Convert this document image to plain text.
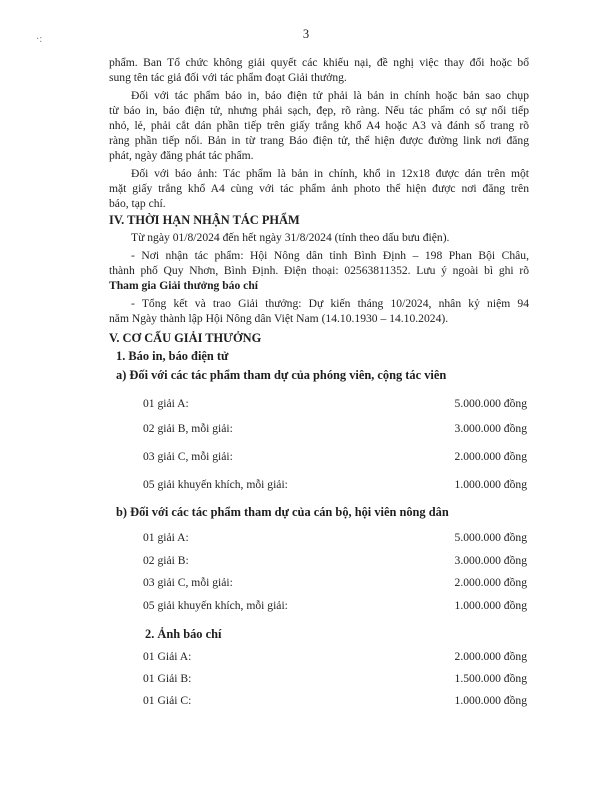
·:	3
phẩm. Ban Tổ chức không giải quyết các khiếu nại, đề nghị việc thay đổi hoặc bổ
sung tên tác giả đối với tác phẩm đoạt Giải thưởng.
Đối với tác phẩm báo in, báo điện tử phải là bản in chính hoặc bản sao chụp
từ báo in, báo điện tử, nhưng phải sạch, đẹp, rõ ràng. Nếu tác phẩm có sự nối tiếp
nhỏ, lẻ, phải cắt dán phần tiếp trên giấy trắng khổ A4 hoặc A3 và đánh số trang rõ
ràng phần tiếp nối. Bản in từ trang Báo điện tử, thể hiện được đường link nơi đăng
phát, ngày đăng phát tác phẩm.
Đối với báo ảnh: Tác phẩm là bản in chính, khổ in 12x18 được dán trên một
mặt giấy trắng khổ A4 cùng với tác phẩm ảnh photo thể hiện được nơi đăng trên
báo, tạp chí.
IV. THỜI HẠN NHẬN TÁC PHẨM
Từ ngày 01/8/2024 đến hết ngày 31/8/2024 (tính theo dấu bưu điện).
- Nơi nhận tác phẩm: Hội Nông dân tỉnh Bình Định – 198 Phan Bội Châu,
thành phố Quy Nhơn, Bình Định. Điện thoại: 02563811352. Lưu ý ngoài bì ghi rõ
Tham gia Giải thưởng báo chí
- Tổng kết và trao Giải thưởng: Dự kiến tháng 10/2024, nhân kỷ niệm 94
năm Ngày thành lập Hội Nông dân Việt Nam (14.10.1930 – 14.10.2024).
V. CƠ CẤU GIẢI THƯỞNG
1. Báo in, báo điện tử
a) Đối với các tác phẩm tham dự của phóng viên, cộng tác viên
01 giải A:	5.000.000 đồng
02 giải B, mỗi giải:	3.000.000 đồng
03 giải C, mỗi giải:	2.000.000 đồng
05 giải khuyến khích, mỗi giải:	1.000.000 đồng
b) Đối với các tác phẩm tham dự của cán bộ, hội viên nông dân
01 giải A:	5.000.000 đồng
02 giải B:	3.000.000 đồng
03 giải C, mỗi giải:	2.000.000 đồng
05 giải khuyến khích, mỗi giải:	1.000.000 đồng
2. Ảnh báo chí
01 Giải A:	2.000.000 đồng
01 Giải B:	1.500.000 đồng
01 Giải C:	1.000.000 đồng
